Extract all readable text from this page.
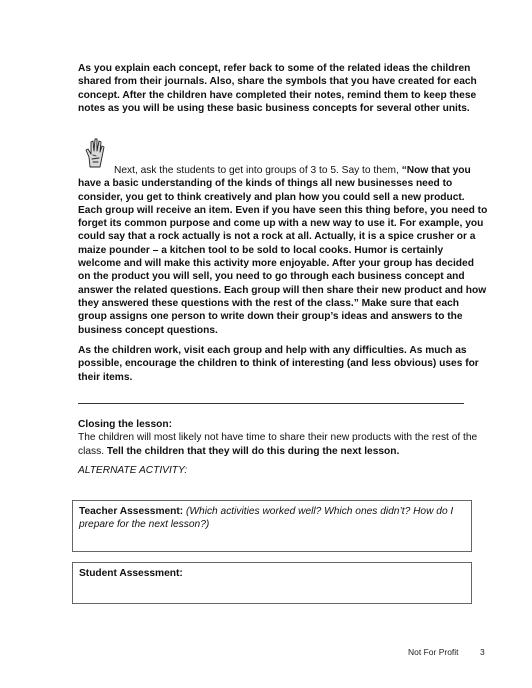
As you explain each concept, refer back to some of the related ideas the children shared from their journals. Also, share the symbols that you have created for each concept. After the children have completed their notes, remind them to keep these notes as you will be using these basic business concepts for several other units.
Next, ask the students to get into groups of 3 to 5. Say to them, “Now that you have a basic understanding of the kinds of things all new businesses need to consider, you get to think creatively and plan how you could sell a new product. Each group will receive an item. Even if you have seen this thing before, you need to forget its common purpose and come up with a new way to use it. For example, you could say that a rock actually is not a rock at all. Actually, it is a spice crusher or a maize pounder – a kitchen tool to be sold to local cooks. Humor is certainly welcome and will make this activity more enjoyable. After your group has decided on the product you will sell, you need to go through each business concept and answer the related questions. Each group will then share their new product and how they answered these questions with the rest of the class.” Make sure that each group assigns one person to write down their group’s ideas and answers to the business concept questions.
As the children work, visit each group and help with any difficulties. As much as possible, encourage the children to think of interesting (and less obvious) uses for their items.
Closing the lesson:
The children will most likely not have time to share their new products with the rest of the class. Tell the children that they will do this during the next lesson.
ALTERNATE ACTIVITY:
Teacher Assessment: (Which activities worked well? Which ones didn’t? How do I prepare for the next lesson?)
Student Assessment:
Not For Profit	3
